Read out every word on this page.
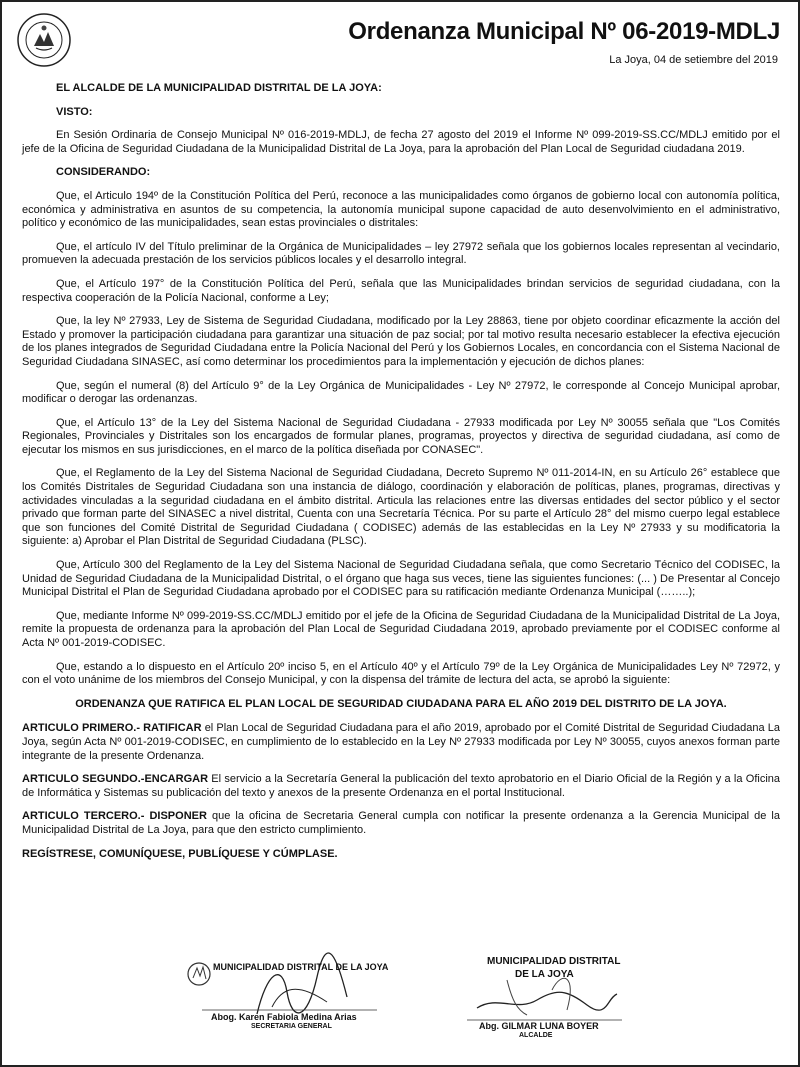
Ordenanza Municipal Nº 06-2019-MDLJ
La Joya, 04 de setiembre del 2019

EL ALCALDE DE LA MUNICIPALIDAD DISTRITAL DE LA JOYA:

VISTO:

En Sesión Ordinaria de Consejo Municipal Nº 016-2019-MDLJ, de fecha 27 agosto del 2019 el Informe Nº 099-2019-SS.CC/MDLJ emitido por el jefe de la Oficina de Seguridad Ciudadana de la Municipalidad Distrital de La Joya, para la aprobación del Plan Local de Seguridad ciudadana 2019.

CONSIDERANDO:

Que, el Articulo 194º de la Constitución Política del Perú, reconoce a las municipalidades como órganos de gobierno local con autonomía política, económica y administrativa en asuntos de su competencia, la autonomía municipal supone capacidad de auto desenvolvimiento en el administrativo, político y económico de las municipalidades, sean estas provinciales o distritales:

Que, el artículo IV del Título preliminar de la Orgánica de Municipalidades – ley 27972 señala que los gobiernos locales representan al vecindario, promueven la adecuada prestación de los servicios públicos locales y el desarrollo integral.

Que, el Artículo 197° de la Constitución Política del Perú, señala que las Municipalidades brindan servicios de seguridad ciudadana, con la respectiva cooperación de la Policía Nacional, conforme a Ley;

Que, la ley Nº 27933, Ley de Sistema de Seguridad Ciudadana, modificado por la Ley 28863, tiene por objeto coordinar eficazmente la acción del Estado y promover la participación ciudadana para garantizar una situación de paz social; por tal motivo resulta necesario establecer la efectiva ejecución de los planes integrados de Seguridad Ciudadana entre la Policía Nacional del Perú y los Gobiernos Locales, en concordancia con el Sistema Nacional de Seguridad Ciudadana SINASEC, así como determinar los procedimientos para la implementación y ejecución de dichos planes:

Que, según el numeral (8) del Artículo 9° de la Ley Orgánica de Municipalidades - Ley Nº 27972, le corresponde al Concejo Municipal aprobar, modificar o derogar las ordenanzas.

Que, el Artículo 13° de la Ley del Sistema Nacional de Seguridad Ciudadana - 27933 modificada por Ley Nº 30055 señala que "Los Comités Regionales, Provinciales y Distritales son los encargados de formular planes, programas, proyectos y directiva de seguridad ciudadana, así como de ejecutar los mismos en sus jurisdicciones, en el marco de la política diseñada por CONASEC".

Que, el Reglamento de la Ley del Sistema Nacional de Seguridad Ciudadana, Decreto Supremo Nº 011-2014-IN, en su Artículo 26° establece que los Comités Distritales de Seguridad Ciudadana son una instancia de diálogo, coordinación y elaboración de políticas, planes, programas, directivas y actividades vinculadas a la seguridad ciudadana en el ámbito distrital. Articula las relaciones entre las diversas entidades del sector público y el sector privado que forman parte del SINASEC a nivel distrital, Cuenta con una Secretaría Técnica. Por su parte el Artículo 28° del mismo cuerpo legal establece que son funciones del Comité Distrital de Seguridad Ciudadana ( CODISEC) además de las establecidas en la Ley Nº 27933 y su modificatoria la siguiente: a) Aprobar el Plan Distrital de Seguridad Ciudadana (PLSC).

Que, Artículo 300 del Reglamento de la Ley del Sistema Nacional de Seguridad Ciudadana señala, que como Secretario Técnico del CODISEC, la Unidad de Seguridad Ciudadana de la Municipalidad Distrital, o el órgano que haga sus veces, tiene las siguientes funciones: (... ) De Presentar al Concejo Municipal Distrital el Plan de Seguridad Ciudadana aprobado por el CODISEC para su ratificación mediante Ordenanza Municipal (……..);

Que, mediante Informe Nº 099-2019-SS.CC/MDLJ emitido por el jefe de la Oficina de Seguridad Ciudadana de la Municipalidad Distrital de La Joya, remite la propuesta de ordenanza para la aprobación del Plan Local de Seguridad Ciudadana 2019, aprobado previamente por el CODISEC conforme al Acta Nº 001-2019-CODISEC.

Que, estando a lo dispuesto en el Artículo 20º inciso 5, en el Artículo 40º y el Artículo 79º de la Ley Orgánica de Municipalidades Ley Nº 72972, y con el voto unánime de los miembros del Consejo Municipal, y con la dispensa del trámite de lectura del acta, se aprobó la siguiente:

ORDENANZA QUE RATIFICA EL PLAN LOCAL DE SEGURIDAD CIUDADANA PARA EL AÑO 2019 DEL DISTRITO DE LA JOYA.

ARTICULO PRIMERO.- RATIFICAR el Plan Local de Seguridad Ciudadana para el año 2019, aprobado por el Comité Distrital de Seguridad Ciudadana La Joya, según Acta Nº 001-2019-CODISEC, en cumplimiento de lo establecido en la Ley Nº 27933 modificada por Ley Nº 30055, cuyos anexos forman parte integrante de la presente Ordenanza.

ARTICULO SEGUNDO.-ENCARGAR El servicio a la Secretaría General la publicación del texto aprobatorio en el Diario Oficial de la Región y a la Oficina de Informática y Sistemas su publicación del texto y anexos de la presente Ordenanza en el portal Institucional.

ARTICULO TERCERO.- DISPONER que la oficina de Secretaria General cumpla con notificar la presente ordenanza a la Gerencia Municipal de la Municipalidad Distrital de La Joya, para que den estricto cumplimiento.

REGÍSTRESE, COMUNÍQUESE, PUBLÍQUESE Y CÚMPLASE.

MUNICIPALIDAD DISTRITAL DE LA JOYA
Abog. Karen Fabiola Medina Arias
SECRETARIA GENERAL
MUNICIPALIDAD DISTRITAL
DE LA JOYA
Abg. GILMAR LUNA BOYER
ALCALDE
